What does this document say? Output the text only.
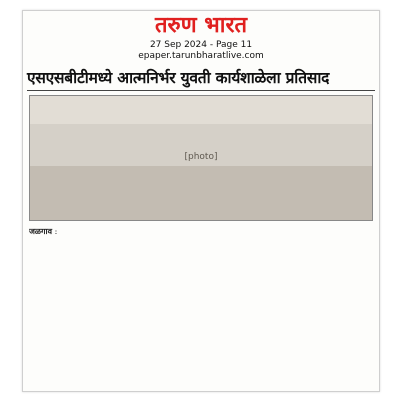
तरुण भारत
27 Sep 2024 - Page 11
epaper.tarunbharatlive.com
एसएसबीटीमध्ये आत्मनिर्भर युवती कार्यशाळेला प्रतिसाद
[photo]
जळगाव :
